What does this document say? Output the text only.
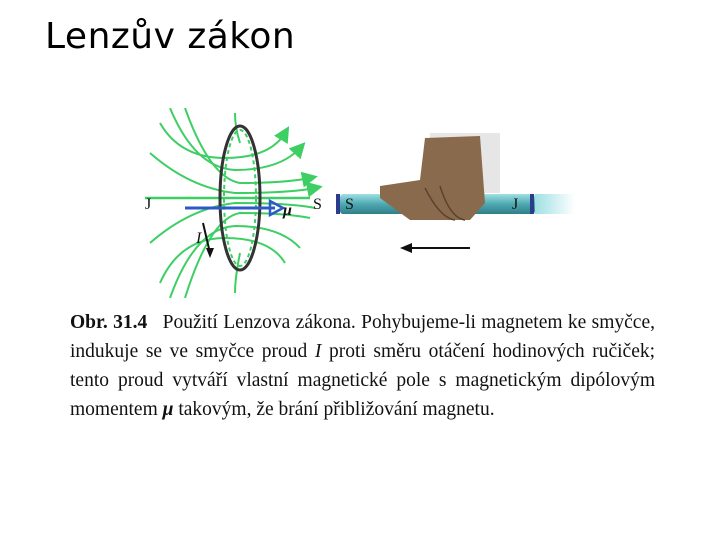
Lenzův zákon
J	S
μ
I
S	J
Obr. 31.4 Použití Lenzova zákona. Pohybujeme-li magnetem ke smyčce, indukuje se ve smyčce proud I proti směru otáčení hodinových ručiček; tento proud vytváří vlastní magnetické pole s magnetickým dipólovým momentem μ takovým, že brání přibližování magnetu.
